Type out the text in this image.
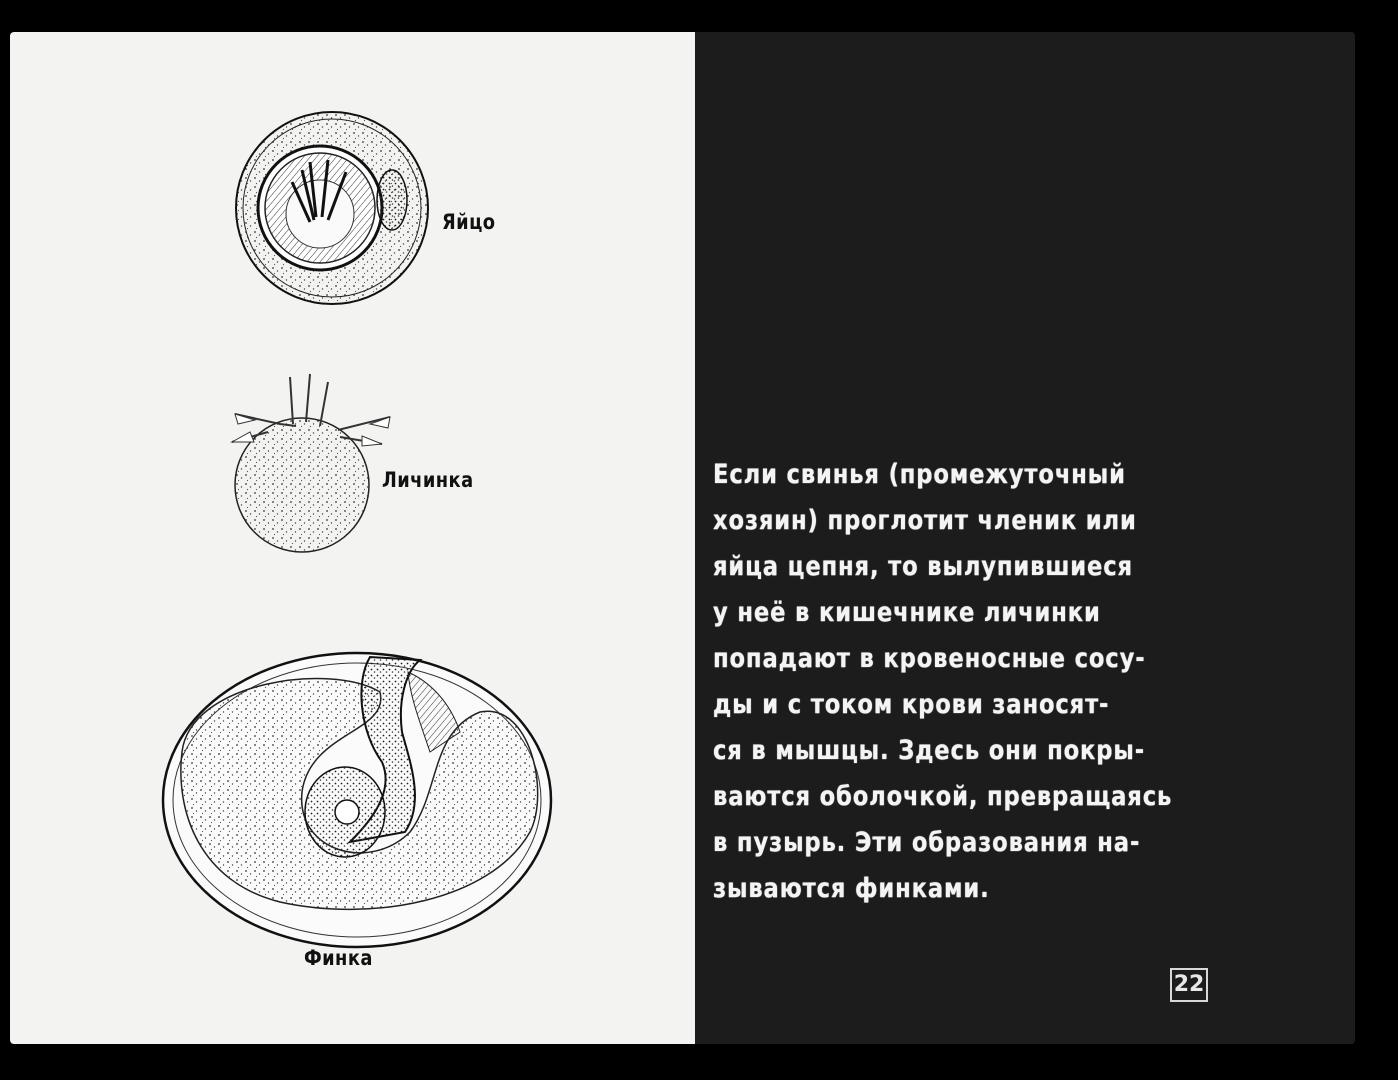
Яйцо
Личинка
Финка
Если свинья (промежуточный
хозяин) проглотит членик или
яйца цепня, то вылупившиеся
у неё в кишечнике личинки
попадают в кровеносные сосу-
ды и с током крови заносят-
ся в мышцы. Здесь они покры-
ваются оболочкой, превращаясь
в пузырь. Эти образования на-
зываются финками.
22
